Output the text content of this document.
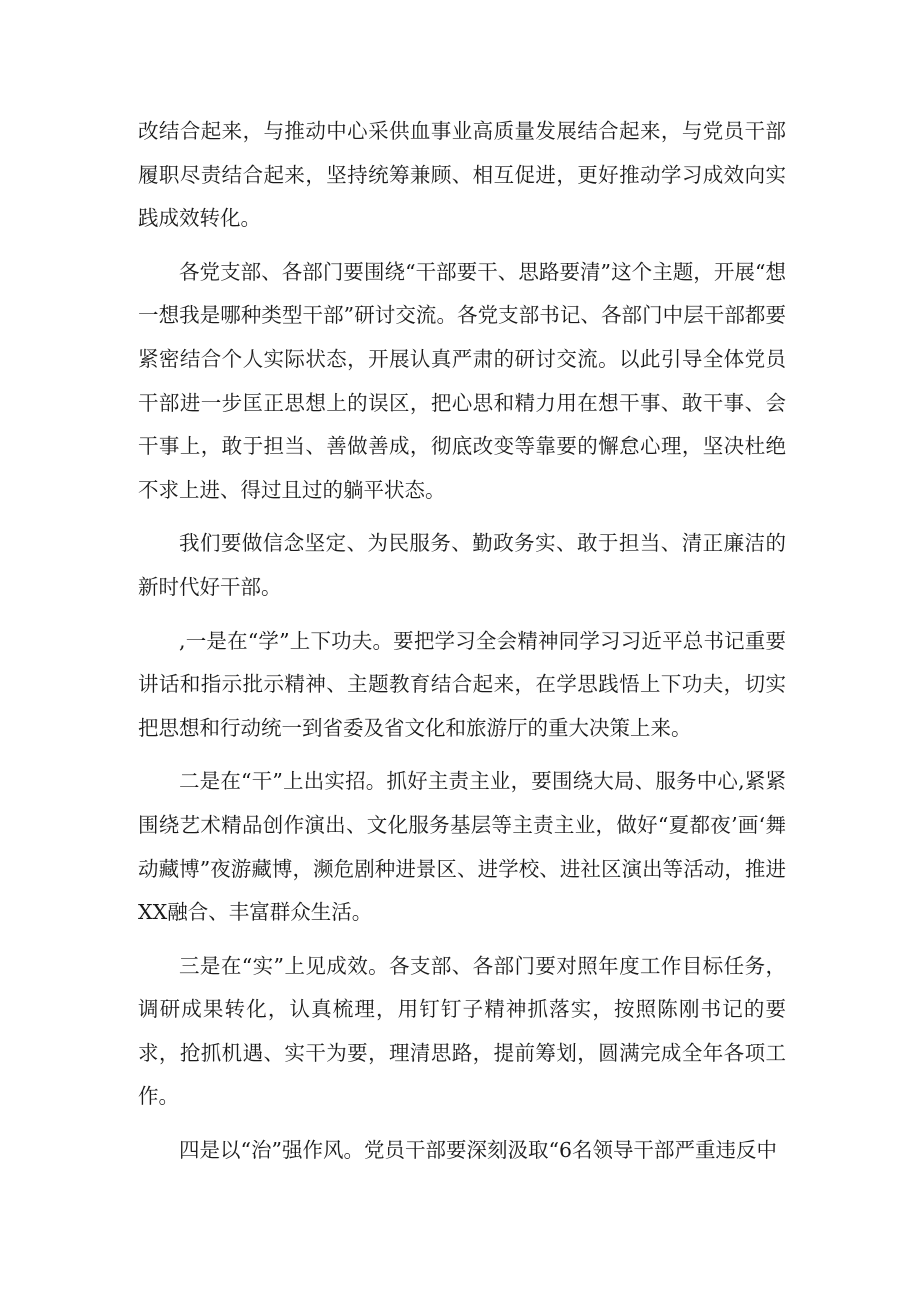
改结合起来，与推动中心采供血事业高质量发展结合起来，与党员干部履职尽责结合起来，坚持统筹兼顾、相互促进，更好推动学习成效向实践成效转化。

各党支部、各部门要围绕“干部要干、思路要清”这个主题，开展“想一想我是哪种类型干部”研讨交流。各党支部书记、各部门中层干部都要紧密结合个人实际状态，开展认真严肃的研讨交流。以此引导全体党员干部进一步匡正思想上的误区，把心思和精力用在想干事、敢干事、会干事上，敢于担当、善做善成，彻底改变等靠要的懈怠心理，坚决杜绝不求上进、得过且过的躺平状态。

我们要做信念坚定、为民服务、勤政务实、敢于担当、清正廉洁的新时代好干部。

,一是在“学”上下功夫。要把学习全会精神同学习习近平总书记重要讲话和指示批示精神、主题教育结合起来，在学思践悟上下功夫，切实把思想和行动统一到省委及省文化和旅游厅的重大决策上来。

二是在“干”上出实招。抓好主责主业，要围绕大局、服务中心,紧紧围绕艺术精品创作演出、文化服务基层等主责主业，做好“夏都夜’画‘舞动藏博”夜游藏博，濒危剧种进景区、进学校、进社区演出等活动，推进XX融合、丰富群众生活。

三是在“实”上见成效。各支部、各部门要对照年度工作目标任务，调研成果转化，认真梳理，用钉钉子精神抓落实，按照陈刚书记的要求，抢抓机遇、实干为要，理清思路，提前筹划，圆满完成全年各项工作。

四是以“治”强作风。党员干部要深刻汲取“6名领导干部严重违反中
